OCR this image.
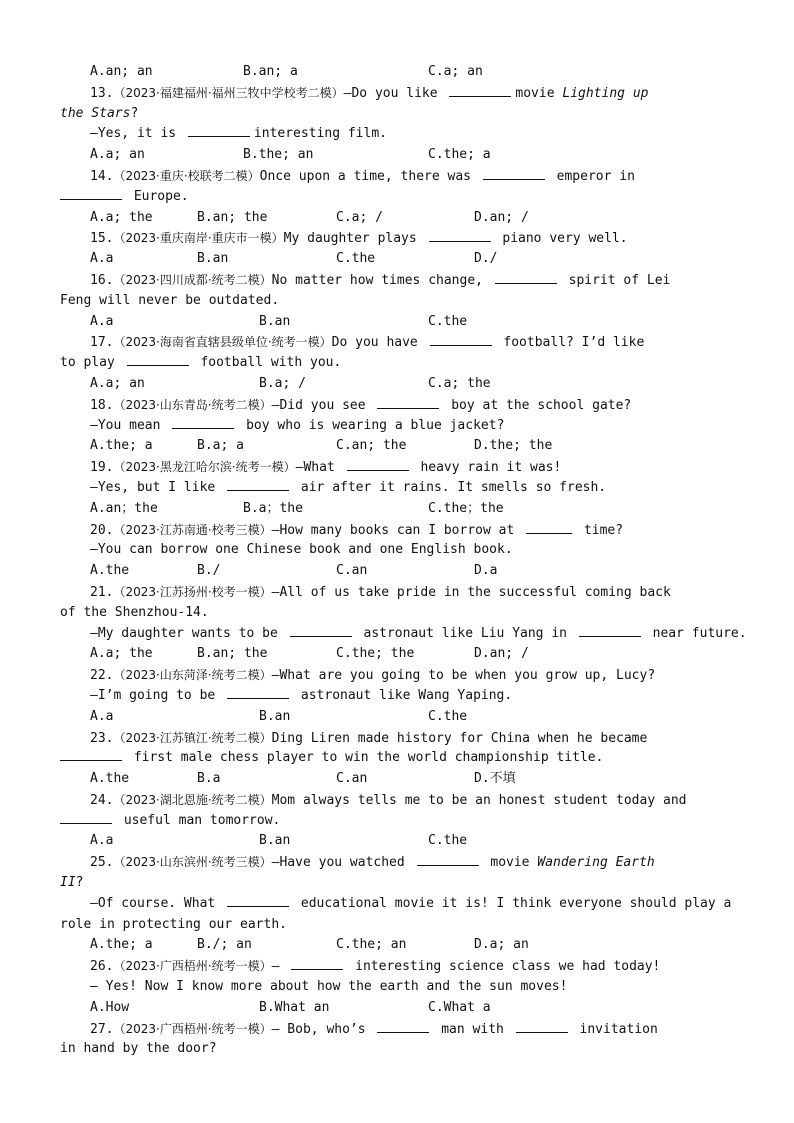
A.an; an	B.an; a	C.a; an
13.（2023·福建福州·福州三牧中学校考二模）—Do you like	movie Lighting up
the Stars?
—Yes, it is	interesting film.
A.a; an	B.the; an	C.the; a
14.（2023·重庆·校联考二模）Once upon a time, there was	emperor in
Europe.
A.a; the	B.an; the	C.a; /	D.an; /
15.（2023·重庆南岸·重庆市一模）My daughter plays	piano very well.
A.a	B.an	C.the	D./
16.（2023·四川成都·统考二模）No matter how times change,	spirit of Lei
Feng will never be outdated.
A.a	B.an	C.the
17.（2023·海南省直辖县级单位·统考一模）Do you have	football? I’d like
to play	football with you.
A.a; an	B.a; /	C.a; the
18.（2023·山东青岛·统考二模）—Did you see	boy at the school gate?
—You mean	boy who is wearing a blue jacket?
A.the; a	B.a; a	C.an; the	D.the; the
19.（2023·黑龙江哈尔滨·统考一模）—What	heavy rain it was!
—Yes, but I like	air after it rains. It smells so fresh.
A.an；the	B.a；the	C.the；the
20.（2023·江苏南通·校考三模）—How many books can I borrow at	time?
—You can borrow one Chinese book and one English book.
A.the	B./	C.an	D.a
21.（2023·江苏扬州·校考一模）—All of us take pride in the successful coming back
of the Shenzhou-14.
—My daughter wants to be	astronaut like Liu Yang in	near future.
A.a; the	B.an; the	C.the; the	D.an; /
22.（2023·山东菏泽·统考二模）—What are you going to be when you grow up, Lucy?
—I’m going to be	astronaut like Wang Yaping.
A.a	B.an	C.the
23.（2023·江苏镇江·统考二模）Ding Liren made history for China when he became
first male chess player to win the world championship title.
A.the	B.a	C.an	D.不填
24.（2023·湖北恩施·统考二模）Mom always tells me to be an honest student today and
useful man tomorrow.
A.a	B.an	C.the
25.（2023·山东滨州·统考三模）—Have you watched	movie Wandering Earth
II?
—Of course. What	educational movie it is! I think everyone should play a
role in protecting our earth.
A.the; a	B./; an	C.the; an	D.a; an
26.（2023·广西梧州·统考一模）—	interesting science class we had today!
— Yes! Now I know more about how the earth and the sun moves!
A.How	B.What an	C.What a
27.（2023·广西梧州·统考一模）— Bob, who’s	man with	invitation
in hand by the door?
